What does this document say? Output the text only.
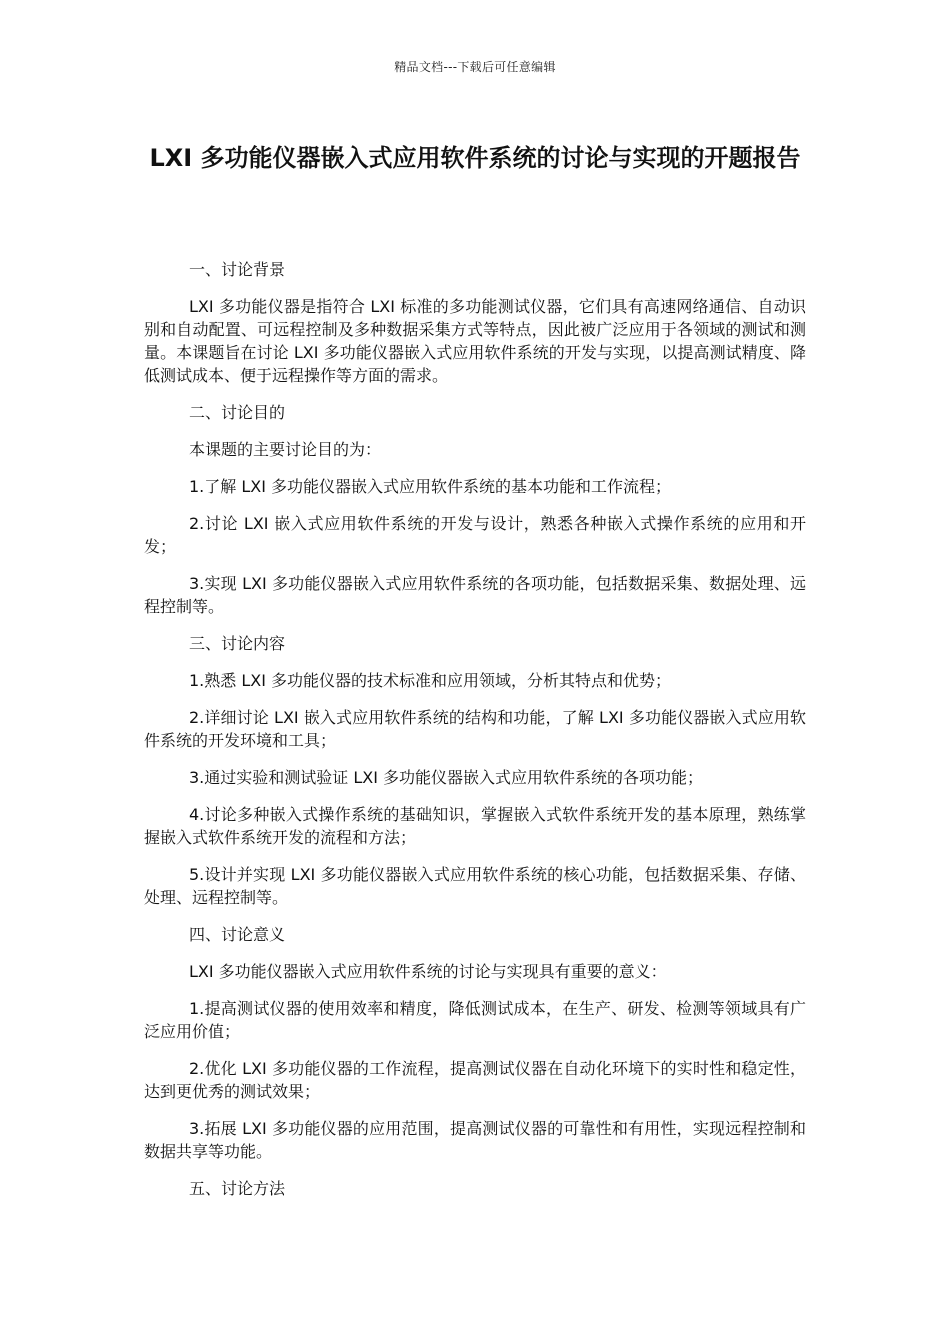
精品文档---下载后可任意编辑
LXI 多功能仪器嵌入式应用软件系统的讨论与实现的开题报告
一、讨论背景
LXI 多功能仪器是指符合 LXI 标准的多功能测试仪器，它们具有高速网络通信、自动识别和自动配置、可远程控制及多种数据采集方式等特点，因此被广泛应用于各领域的测试和测量。本课题旨在讨论 LXI 多功能仪器嵌入式应用软件系统的开发与实现，以提高测试精度、降低测试成本、便于远程操作等方面的需求。
二、讨论目的
本课题的主要讨论目的为：
1.了解 LXI 多功能仪器嵌入式应用软件系统的基本功能和工作流程；
2.讨论 LXI 嵌入式应用软件系统的开发与设计，熟悉各种嵌入式操作系统的应用和开发；
3.实现 LXI 多功能仪器嵌入式应用软件系统的各项功能，包括数据采集、数据处理、远程控制等。
三、讨论内容
1.熟悉 LXI 多功能仪器的技术标准和应用领域，分析其特点和优势；
2.详细讨论 LXI 嵌入式应用软件系统的结构和功能，了解 LXI 多功能仪器嵌入式应用软件系统的开发环境和工具；
3.通过实验和测试验证 LXI 多功能仪器嵌入式应用软件系统的各项功能；
4.讨论多种嵌入式操作系统的基础知识，掌握嵌入式软件系统开发的基本原理，熟练掌握嵌入式软件系统开发的流程和方法；
5.设计并实现 LXI 多功能仪器嵌入式应用软件系统的核心功能，包括数据采集、存储、处理、远程控制等。
四、讨论意义
LXI 多功能仪器嵌入式应用软件系统的讨论与实现具有重要的意义：
1.提高测试仪器的使用效率和精度，降低测试成本，在生产、研发、检测等领域具有广泛应用价值；
2.优化 LXI 多功能仪器的工作流程，提高测试仪器在自动化环境下的实时性和稳定性，达到更优秀的测试效果；
3.拓展 LXI 多功能仪器的应用范围，提高测试仪器的可靠性和有用性，实现远程控制和数据共享等功能。
五、讨论方法
